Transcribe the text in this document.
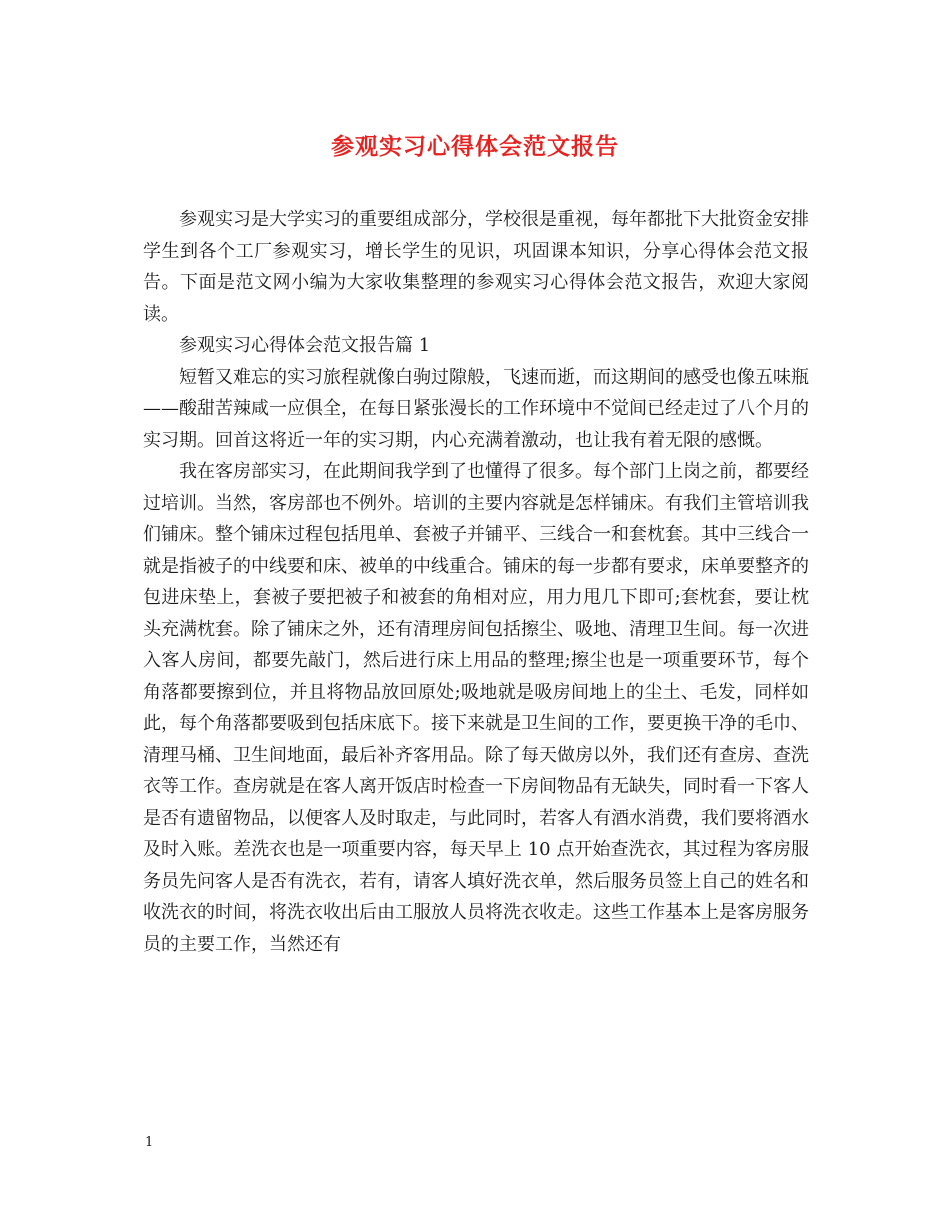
参观实习心得体会范文报告

参观实习是大学实习的重要组成部分，学校很是重视，每年都批下大批资金安排学生到各个工厂参观实习，增长学生的见识，巩固课本知识，分享心得体会范文报告。下面是范文网小编为大家收集整理的参观实习心得体会范文报告，欢迎大家阅读。

参观实习心得体会范文报告篇 1

短暂又难忘的实习旅程就像白驹过隙般，飞速而逝，而这期间的感受也像五味瓶——酸甜苦辣咸一应俱全，在每日紧张漫长的工作环境中不觉间已经走过了八个月的实习期。回首这将近一年的实习期，内心充满着激动，也让我有着无限的感慨。

我在客房部实习，在此期间我学到了也懂得了很多。每个部门上岗之前，都要经过培训。当然，客房部也不例外。培训的主要内容就是怎样铺床。有我们主管培训我们铺床。整个铺床过程包括甩单、套被子并铺平、三线合一和套枕套。其中三线合一就是指被子的中线要和床、被单的中线重合。铺床的每一步都有要求，床单要整齐的包进床垫上，套被子要把被子和被套的角相对应，用力甩几下即可;套枕套，要让枕头充满枕套。除了铺床之外，还有清理房间包括擦尘、吸地、清理卫生间。每一次进入客人房间，都要先敲门，然后进行床上用品的整理;擦尘也是一项重要环节，每个角落都要擦到位，并且将物品放回原处;吸地就是吸房间地上的尘土、毛发，同样如此，每个角落都要吸到包括床底下。接下来就是卫生间的工作，要更换干净的毛巾、清理马桶、卫生间地面，最后补齐客用品。除了每天做房以外，我们还有查房、查洗衣等工作。查房就是在客人离开饭店时检查一下房间物品有无缺失，同时看一下客人是否有遗留物品，以便客人及时取走，与此同时，若客人有酒水消费，我们要将酒水及时入账。差洗衣也是一项重要内容，每天早上 10 点开始查洗衣，其过程为客房服务员先问客人是否有洗衣，若有，请客人填好洗衣单，然后服务员签上自己的姓名和收洗衣的时间，将洗衣收出后由工服放人员将洗衣收走。这些工作基本上是客房服务员的主要工作，当然还有

1
